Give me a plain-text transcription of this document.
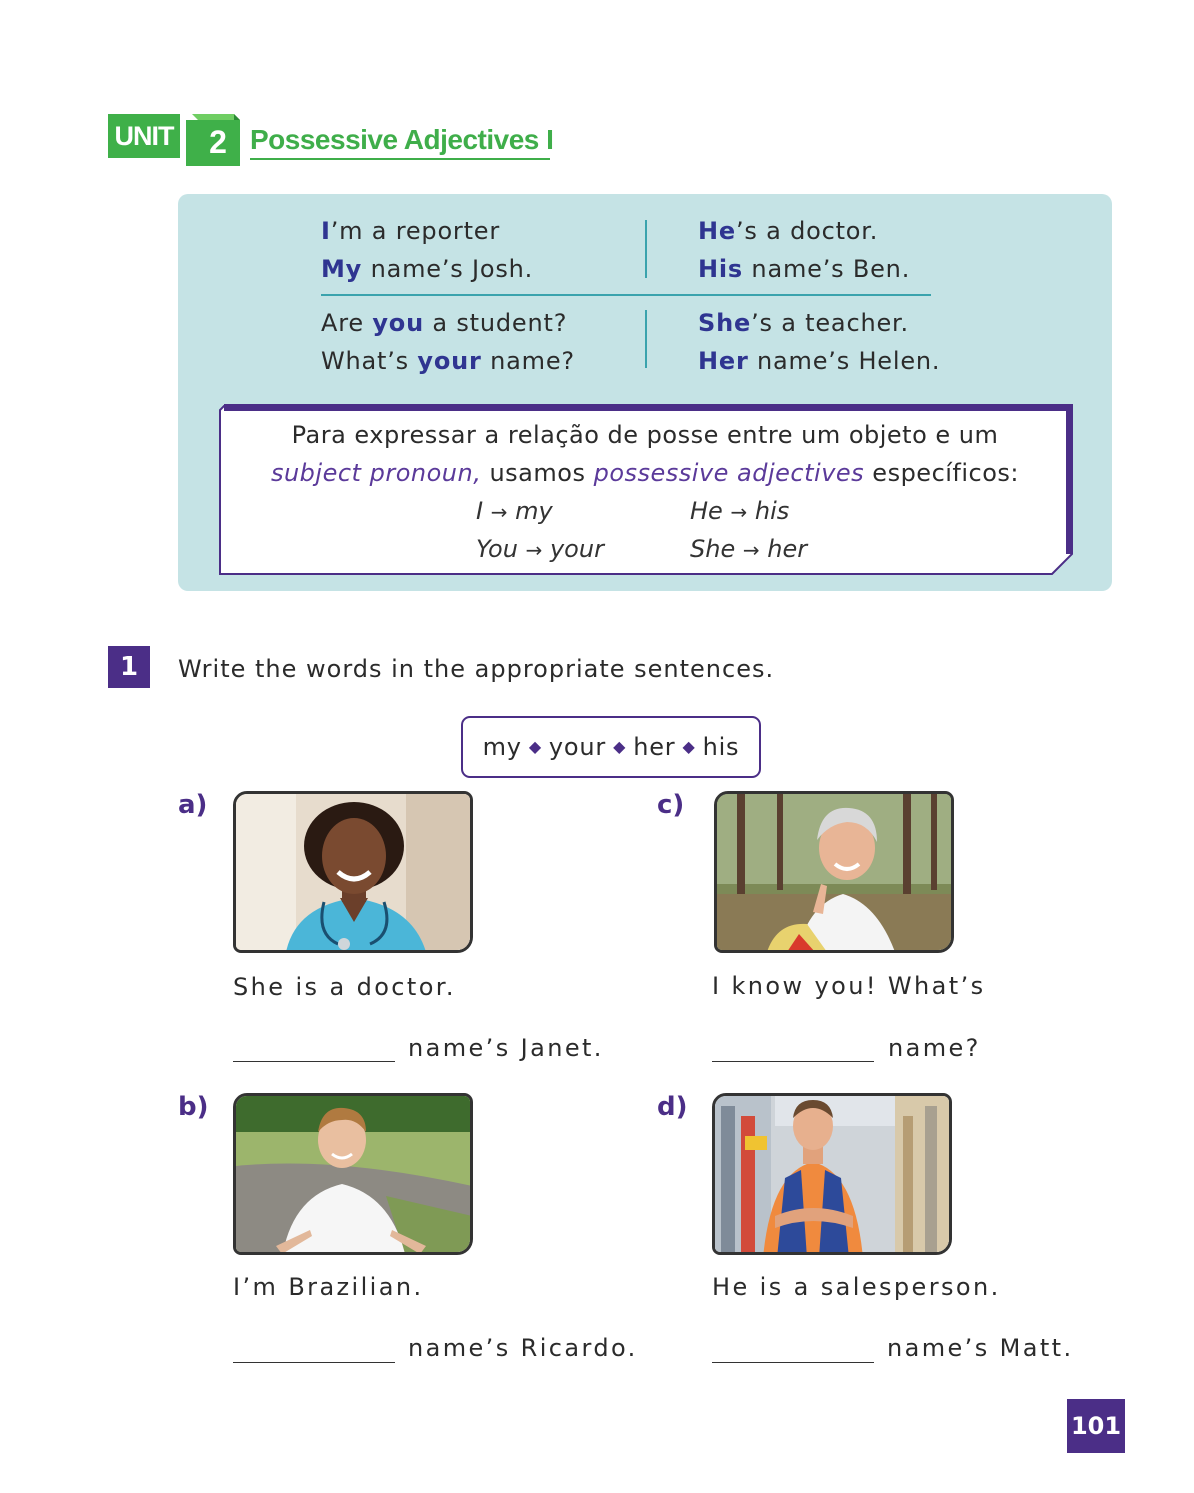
UNIT	2 Possessive Adjectives I
I’m a reporter
My name’s Josh.
He’s a doctor.
His name’s Ben.
Are you a student?
What’s your name?
She’s a teacher.
Her name’s Helen.
Para expressar a relação de posse entre um objeto e um
subject pronoun, usamos possessive adjectives específicos:
I → my	He → his
You → your	She → her
1	Write the words in the appropriate sentences.
my ◆ your ◆ her ◆ his
a)
She is a doctor.
name’s Janet.
c)
I know you! What’s
name?
b)
I’m Brazilian.
name’s Ricardo.
d)
He is a salesperson.
name’s Matt.
101
